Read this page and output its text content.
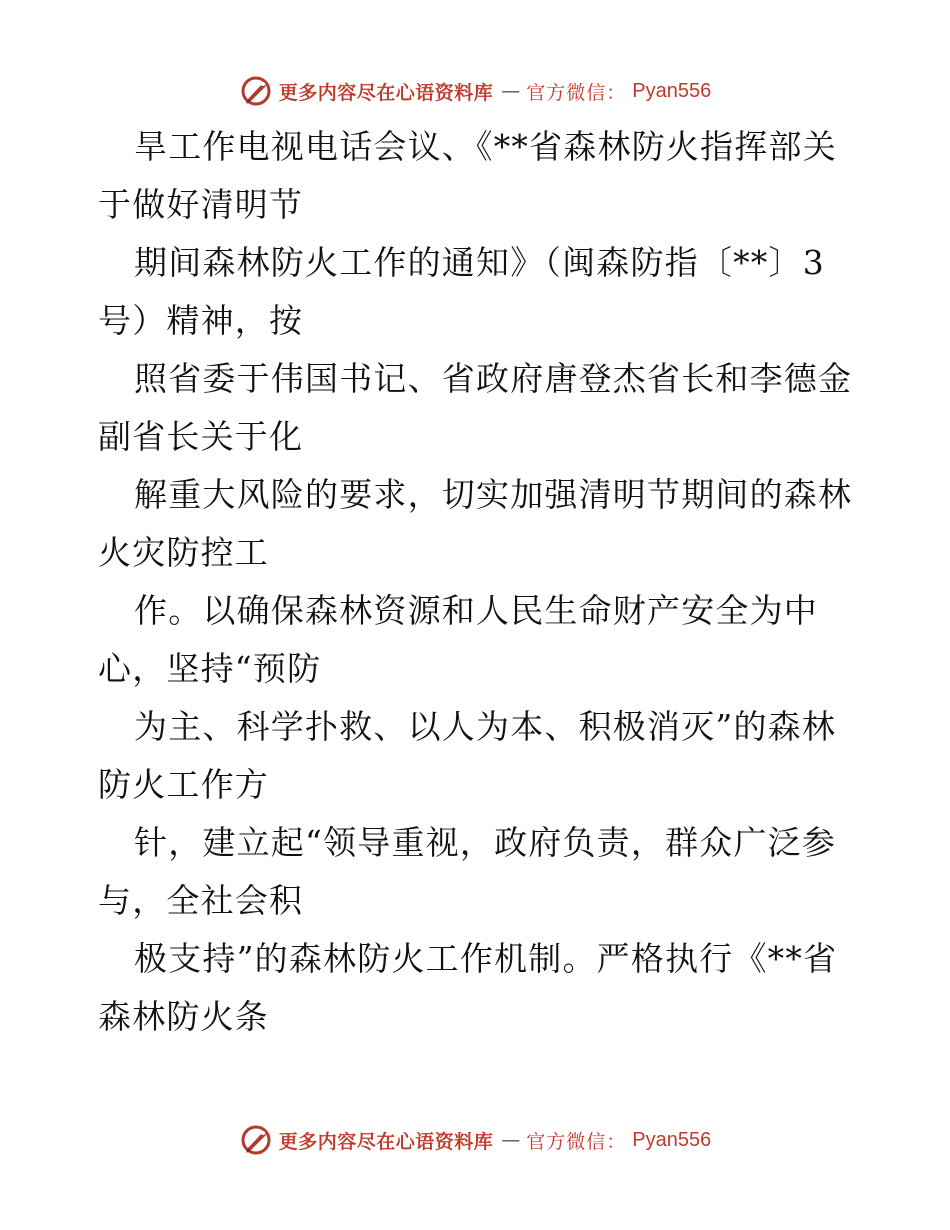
更多内容尽在心语资料库 — 官方微信： Pyan556
旱工作电视电话会议、《**省森林防火指挥部关
于做好清明节
期间森林防火工作的通知》（闽森防指〔**〕3
号）精神，按
照省委于伟国书记、省政府唐登杰省长和李德金
副省长关于化
解重大风险的要求，切实加强清明节期间的森林
火灾防控工
作。以确保森林资源和人民生命财产安全为中
心，坚持“预防
为主、科学扑救、以人为本、积极消灭”的森林
防火工作方
针，建立起“领导重视，政府负责，群众广泛参
与，全社会积
极支持”的森林防火工作机制。严格执行《**省
森林防火条
更多内容尽在心语资料库 — 官方微信： Pyan556
